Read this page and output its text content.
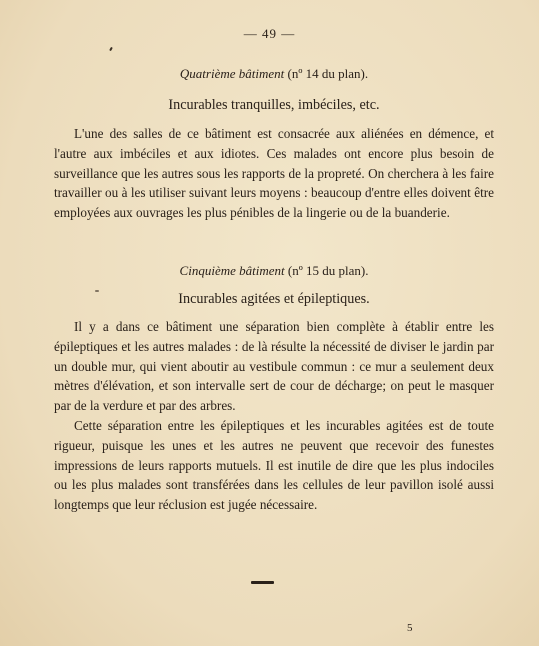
— 49 —
Quatrième bâtiment (nº 14 du plan).
Incurables tranquilles, imbéciles, etc.

L'une des salles de ce bâtiment est consacrée aux aliénées en démence, et l'autre aux imbéciles et aux idiotes. Ces malades ont encore plus besoin de surveillance que les autres sous les rapports de la propreté. On cherchera à les faire travailler ou à les utiliser suivant leurs moyens : beaucoup d'entre elles doivent être employées aux ouvrages les plus pénibles de la lingerie ou de la buanderie.

Cinquième bâtiment (nº 15 du plan).
Incurables agitées et épileptiques.

Il y a dans ce bâtiment une séparation bien complète à établir entre les épileptiques et les autres malades : de là résulte la nécessité de diviser le jardin par un double mur, qui vient aboutir au vestibule commun : ce mur a seulement deux mètres d'élévation, et son intervalle sert de cour de décharge; on peut le masquer par de la verdure et par des arbres.

Cette séparation entre les épileptiques et les incurables agitées est de toute rigueur, puisque les unes et les autres ne peuvent que recevoir des funestes impressions de leurs rapports mutuels. Il est inutile de dire que les plus indociles ou les plus malades sont transférées dans les cellules de leur pavillon isolé aussi longtemps que leur réclusion est jugée nécessaire.

5
